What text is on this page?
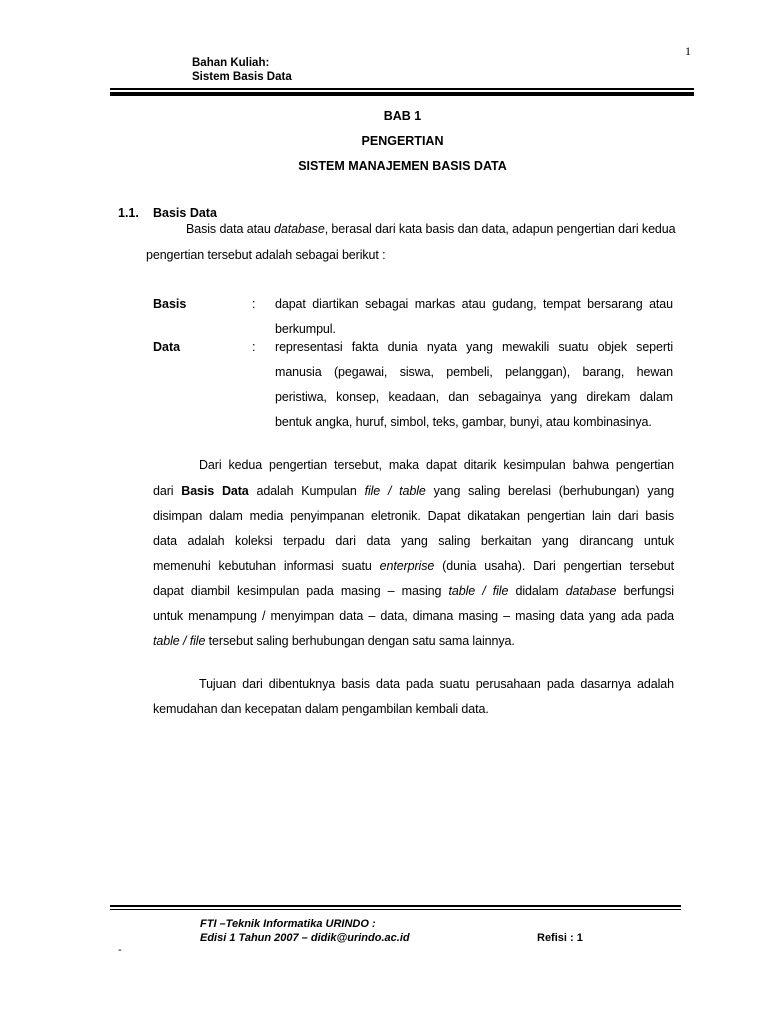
1
Bahan Kuliah:
Sistem Basis Data
BAB 1
PENGERTIAN
SISTEM MANAJEMEN BASIS DATA
1.1. Basis Data
Basis data atau database, berasal dari kata basis dan data, adapun pengertian dari kedua
pengertian tersebut adalah sebagai berikut :
Basis	: dapat diartikan sebagai markas atau gudang, tempat bersarang atau
berkumpul.
Data	: representasi fakta dunia nyata yang mewakili suatu objek seperti
manusia (pegawai, siswa, pembeli, pelanggan), barang, hewan
peristiwa, konsep, keadaan, dan sebagainya yang direkam dalam
bentuk angka, huruf, simbol, teks, gambar, bunyi, atau kombinasinya.
Dari kedua pengertian tersebut, maka dapat ditarik kesimpulan bahwa pengertian
dari Basis Data adalah Kumpulan file / table yang saling berelasi (berhubungan) yang
disimpan dalam media penyimpanan eletronik. Dapat dikatakan pengertian lain dari basis
data adalah koleksi terpadu dari data yang saling berkaitan yang dirancang untuk
memenuhi kebutuhan informasi suatu enterprise (dunia usaha). Dari pengertian tersebut
dapat diambil kesimpulan pada masing – masing table / file didalam database berfungsi
untuk menampung / menyimpan data – data, dimana masing – masing data yang ada pada
table / file tersebut saling berhubungan dengan satu sama lainnya.
Tujuan dari dibentuknya basis data pada suatu perusahaan pada dasarnya adalah
kemudahan dan kecepatan dalam pengambilan kembali data.
FTI –Teknik Informatika URINDO :
Edisi 1 Tahun 2007 – didik@urindo.ac.id	Refisi : 1
-
